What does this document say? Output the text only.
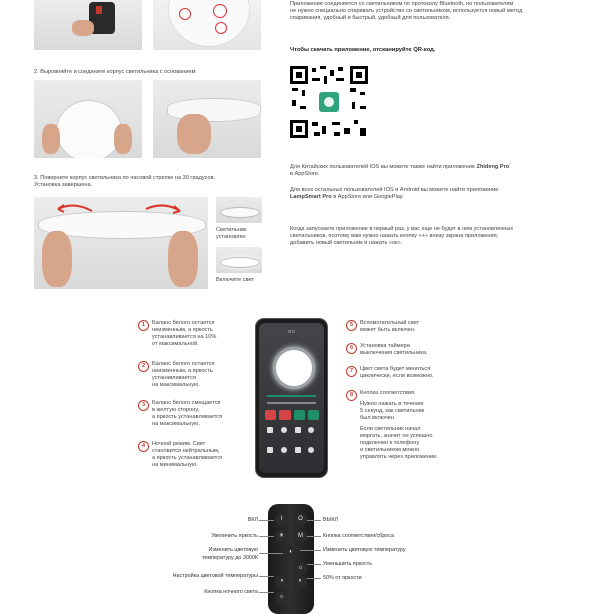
Приложение соединяется со светильником по протоколу Bluetooth, но пользователям
не нужно специально спаривать устройство со светильником, используется новый метод
спаривания, удобный и быстрый, удобный для пользователя.
Чтобы скачать приложение, отсканируйте QR-код.
Для Китайских пользователей IOS вы можете также найти приложение Zhideng Pro
в AppStore.
Для всех остальных пользователей IOS и Android вы можете найти приложение
LampSmart Pro в AppStore или GooglePlay.
Когда запускаете приложение в первый раз, у вас еще не будет в нем установленных
светильников, поэтому вам нужно нажать кнопку «+» внизу экрана приложения,
добавить новый светильник и нажать «ок».
2. Выровняйте и соедините корпус светильника с основанием
3. Поверните корпус светильника по часовой стрелке на 30 градусов.
Установка завершена.
Светильник
установлен
Включите свет
8 0
1	Баланс белого остается
неизменным, а яркость
устанавливается на 10%
от максимальной.
2	Баланс белого остается
неизменным, а яркость
устанавливается
на максимальную.
3	Баланс белого смещается
в желтую сторону,
а яркость устанавливается
на максимальную.
4	Ночной режим. Свет
становится нейтральным,
а яркость устанавливается
на минимальную.
5	Вспомогательный свет
может быть включен.
6	Установка таймера
выключения светильника.
7	Цвет света будет меняться
циклически, если возможно.
8	Кнопка соответствия.
Нужно нажать в течение
5 секунд, как светильник
был включен.
Если светильник начал
моргать, значит он успешно
подключен к телефону
и светильником можно
управлять через приложение.
I	O
☀	M
◐
☼
◑	◐
☼
ВКЛ
Увеличить яркость
Изменить цветовую
температуру до 3000К
Настройка цветовой температуры
Кнопка ночного света
ВЫКЛ
Кнопка соответствия/сброса
Изменить цветовую температуру
Уменьшить яркость
50% от яркости
